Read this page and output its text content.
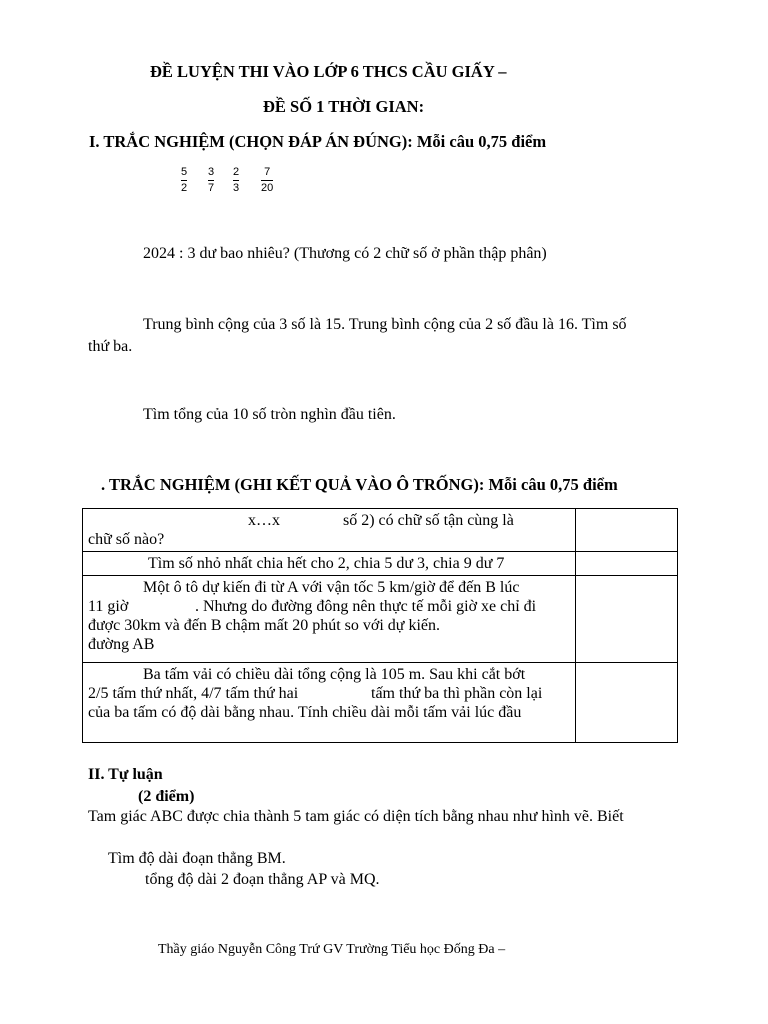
ĐỀ LUYỆN THI VÀO LỚP 6 THCS CẦU GIẤY –
ĐỀ SỐ 1 THỜI GIAN:
I. TRẮC NGHIỆM (CHỌN ĐÁP ÁN ĐÚNG): Mỗi câu 0,75 điểm
5
2
3
7
2
3
7
20
2024 : 3 dư bao nhiêu? (Thương có 2 chữ số ở phần thập phân)
Trung bình cộng của 3 số là 15. Trung bình cộng của 2 số đầu là 16. Tìm số
thứ ba.
Tìm tổng của 10 số tròn nghìn đầu tiên.
. TRẮC NGHIỆM (GHI KẾT QUẢ VÀO Ô TRỐNG): Mỗi câu 0,75 điểm
x…x số 2) có chữ số tận cùng là
chữ số nào?	

Tìm số nhỏ nhất chia hết cho 2, chia 5 dư 3, chia 9 dư 7	

Một ô tô dự kiến đi từ A với vận tốc 5 km/giờ để đến B lúc
11 giờ . Nhưng do đường đông nên thực tế mỗi giờ xe chỉ đi
được 30km và đến B chậm mất 20 phút so với dự kiến.
đường AB	

Ba tấm vải có chiều dài tổng cộng là 105 m. Sau khi cắt bớt
2/5 tấm thứ nhất, 4/7 tấm thứ hai tấm thứ ba thì phần còn lại
của ba tấm có độ dài bằng nhau. Tính chiều dài mỗi tấm vải lúc đầu	

II. Tự luận
(2 điểm)
Tam giác ABC được chia thành 5 tam giác có diện tích bằng nhau như hình vẽ. Biết
Tìm độ dài đoạn thẳng BM.
tổng độ dài 2 đoạn thẳng AP và MQ.
Thầy giáo Nguyễn Công Trứ GV Trường Tiểu học Đống Đa –
